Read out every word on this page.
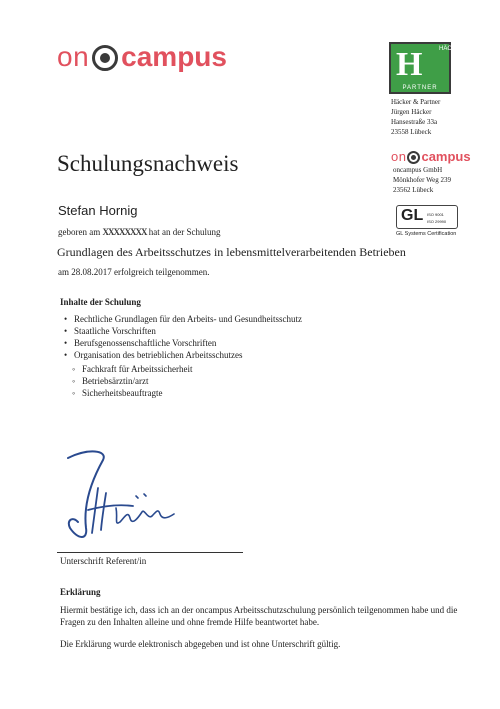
on campus	H	HÄCKER
PARTNER
Häcker & Partner
Jürgen Häcker
Hansestraße 33a
23558 Lübeck
on campus
oncampus GmbH
Mönkhofer Weg 239
23562 Lübeck
GL ISO 9001
ISO 29990
GL Systems Certification
Schulungsnachweis
Stefan Hornig
geboren am XXXXXXXX hat an der Schulung
Grundlagen des Arbeitsschutzes in lebensmittelverarbeitenden Betrieben
am 28.08.2017 erfolgreich teilgenommen.
Inhalte der Schulung
• Rechtliche Grundlagen für den Arbeits- und Gesundheitsschutz
• Staatliche Vorschriften
• Berufsgenossenschaftliche Vorschriften
• Organisation des betrieblichen Arbeitsschutzes
◦ Fachkraft für Arbeitssicherheit
◦ Betriebsärztin/arzt
◦ Sicherheitsbeauftragte
Unterschrift Referent/in
Erklärung
Hiermit bestätige ich, dass ich an der oncampus Arbeitsschutzschulung persönlich teilgenommen habe und die Fragen zu den Inhalten alleine und ohne fremde Hilfe beantwortet habe.
Die Erklärung wurde elektronisch abgegeben und ist ohne Unterschrift gültig.
